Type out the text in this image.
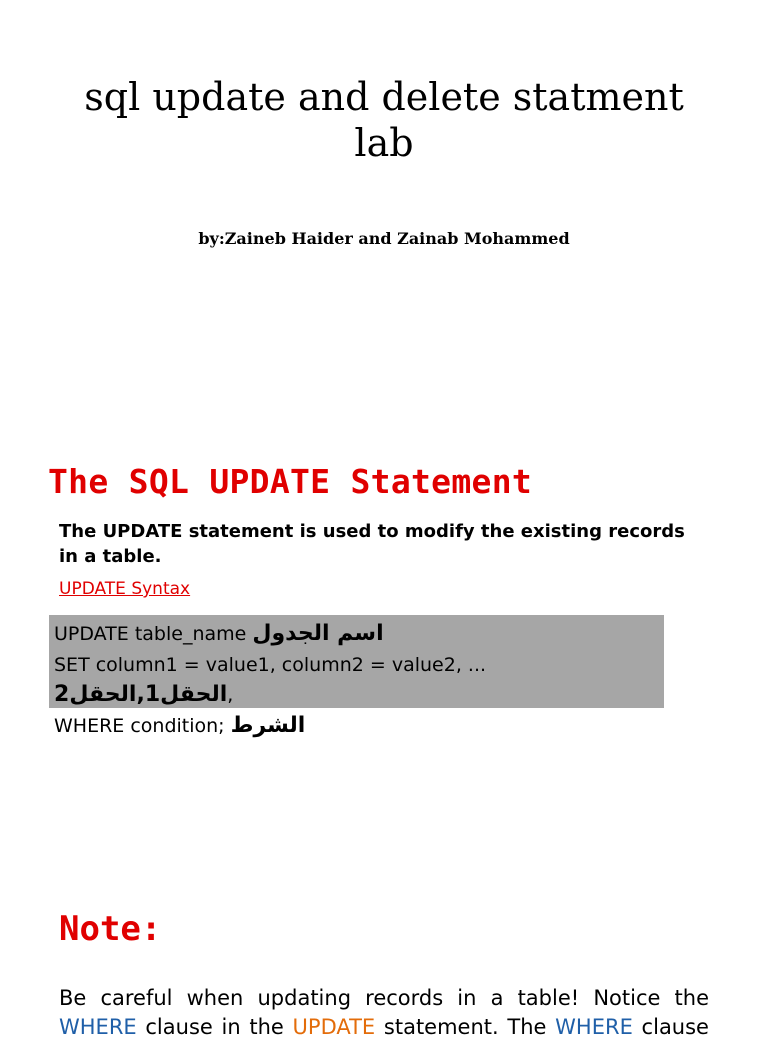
sql update and delete statment lab
by:Zaineb Haider and Zainab Mohammed
The SQL UPDATE Statement
The UPDATE statement is used to modify the existing records in a table.
UPDATE Syntax
UPDATE table_name اسم الجدول
SET column1 = value1, column2 = value2, ...
الحقل1,الحقل2,
WHERE condition; الشرط
Note:
Be careful when updating records in a table! Notice the WHERE clause in the UPDATE statement. The WHERE clause
